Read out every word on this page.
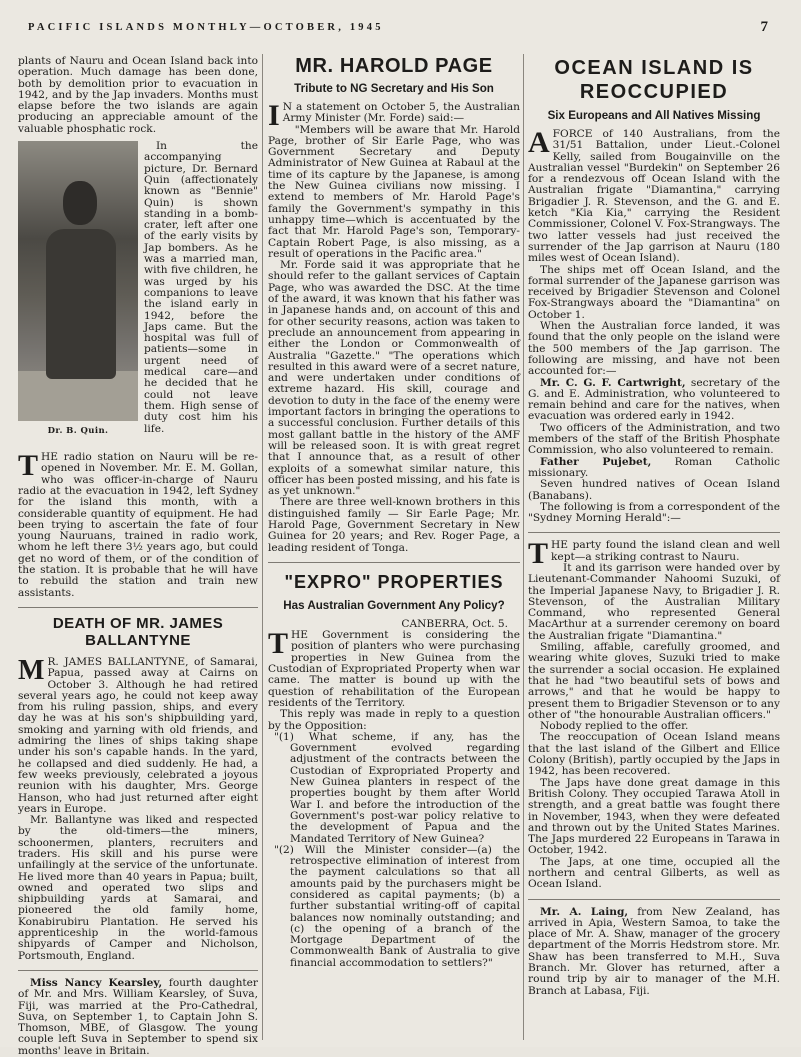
PACIFIC ISLANDS MONTHLY—OCTOBER, 1945	7

plants of Nauru and Ocean Island back into operation. Much damage has been done, both by demolition prior to evacuation in 1942, and by the Jap invaders. Months must elapse before the two islands are again producing an appreciable amount of the valuable phosphatic rock.

Dr. B. Quin.

In the accompanying picture, Dr. Bernard Quin (affectionately known as "Bennie" Quin) is shown standing in a bomb-crater, left after one of the early visits by Jap bombers. As he was a married man, with five children, he was urged by his companions to leave the island early in 1942, before the Japs came. But the hospital was full of patients—some in urgent need of medical care—and he decided that he could not leave them. High sense of duty cost him his life.

THE radio station on Nauru will be re-opened in November. Mr. E. M. Gollan, who was officer-in-charge of Nauru radio at the evacuation in 1942, left Sydney for the island this month, with a considerable quantity of equipment. He had been trying to ascertain the fate of four young Nauruans, trained in radio work, whom he left there 3½ years ago, but could get no word of them, or of the condition of the station. It is probable that he will have to rebuild the station and train new assistants.

DEATH OF MR. JAMES BALLANTYNE

M R. JAMES BALLANTYNE, of Samarai, Papua, passed away at Cairns on October 3. Although he had retired several years ago, he could not keep away from his ruling passion, ships, and every day he was at his son's shipbuilding yard, smoking and yarning with old friends, and admiring the lines of ships taking shape under his son's capable hands. In the yard, he collapsed and died suddenly. He had, a few weeks previously, celebrated a joyous reunion with his daughter, Mrs. George Hanson, who had just returned after eight years in Europe.

Mr. Ballantyne was liked and respected by the old-timers—the miners, schoonermen, planters, recruiters and traders. His skill and his purse were unfailingly at the service of the unfortunate. He lived more than 40 years in Papua; built, owned and operated two slips and shipbuilding yards at Samarai, and pioneered the old family home, Konabirubiru Plantation. He served his apprenticeship in the world-famous shipyards of Camper and Nicholson, Portsmouth, England.

Miss Nancy Kearsley, fourth daughter of Mr. and Mrs. William Kearsley, of Suva, Fiji, was married at the Pro-Cathedral, Suva, on September 1, to Captain John S. Thomson, MBE, of Glasgow. The young couple left Suva in September to spend six months' leave in Britain.

MR. HAROLD PAGE
Tribute to NG Secretary and His Son

I N a statement on October 5, the Australian Army Minister (Mr. Forde) said:—

"Members will be aware that Mr. Harold Page, brother of Sir Earle Page, who was Government Secretary and Deputy Administrator of New Guinea at Rabaul at the time of its capture by the Japanese, is among the New Guinea civilians now missing. I extend to members of Mr. Harold Page's family the Government's sympathy in this unhappy time—which is accentuated by the fact that Mr. Harold Page's son, Temporary-Captain Robert Page, is also missing, as a result of operations in the Pacific area."

Mr. Forde said it was appropriate that he should refer to the gallant services of Captain Page, who was awarded the DSC. At the time of the award, it was known that his father was in Japanese hands and, on account of this and for other security reasons, action was taken to preclude an announcement from appearing in either the London or Commonwealth of Australia "Gazette." "The operations which resulted in this award were of a secret nature, and were undertaken under conditions of extreme hazard. His skill, courage and devotion to duty in the face of the enemy were important factors in bringing the operations to a successful conclusion. Further details of this most gallant battle in the history of the AMF will be released soon. It is with great regret that I announce that, as a result of other exploits of a somewhat similar nature, this officer has been posted missing, and his fate is as yet unknown."

There are three well-known brothers in this distinguished family — Sir Earle Page; Mr. Harold Page, Government Secretary in New Guinea for 20 years; and Rev. Roger Page, a leading resident of Tonga.

"EXPRO" PROPERTIES
Has Australian Government Any Policy?

CANBERRA, Oct. 5.

THE Government is considering the position of planters who were purchasing properties in New Guinea from the Custodian of Expropriated Property when war came. The matter is bound up with the question of rehabilitation of the European residents of the Territory.

This reply was made in reply to a question by the Opposition:

"(1) What scheme, if any, has the Government evolved regarding adjustment of the contracts between the Custodian of Expropriated Property and New Guinea planters in respect of the properties bought by them after World War I. and before the introduction of the Government's post-war policy relative to the development of Papua and the Mandated Territory of New Guinea?

"(2) Will the Minister consider—(a) the retrospective elimination of interest from the payment calculations so that all amounts paid by the purchasers might be considered as capital payments; (b) a further substantial writing-off of capital balances now nominally outstanding; and (c) the opening of a branch of the Mortgage Department of the Commonwealth Bank of Australia to give financial accommodation to settlers?"

OCEAN ISLAND IS REOCCUPIED
Six Europeans and All Natives Missing

A FORCE of 140 Australians, from the 31/51 Battalion, under Lieut.-Colonel Kelly, sailed from Bougainville on the Australian vessel "Burdekin" on September 26 for a rendezvous off Ocean Island with the Australian frigate "Diamantina," carrying Brigadier J. R. Stevenson, and the G. and E. ketch "Kia Kia," carrying the Resident Commissioner, Colonel V. Fox-Strangways. The two latter vessels had just received the surrender of the Jap garrison at Nauru (180 miles west of Ocean Island).

The ships met off Ocean Island, and the formal surrender of the Japanese garrison was received by Brigadier Stevenson and Colonel Fox-Strangways aboard the "Diamantina" on October 1.

When the Australian force landed, it was found that the only people on the island were the 500 members of the Jap garrison. The following are missing, and have not been accounted for:—

Mr. C. G. F. Cartwright, secretary of the G. and E. Administration, who volunteered to remain behind and care for the natives, when evacuation was ordered early in 1942.

Two officers of the Administration, and two members of the staff of the British Phosphate Commission, who also volunteered to remain.

Father Pujebet, Roman Catholic missionary.

Seven hundred natives of Ocean Island (Banabans).

The following is from a correspondent of the "Sydney Morning Herald":—

THE party found the island clean and well kept—a striking contrast to Nauru.

It and its garrison were handed over by Lieutenant-Commander Nahoomi Suzuki, of the Imperial Japanese Navy, to Brigadier J. R. Stevenson, of the Australian Military Command, who represented General MacArthur at a surrender ceremony on board the Australian frigate "Diamantina."

Smiling, affable, carefully groomed, and wearing white gloves, Suzuki tried to make the surrender a social occasion. He explained that he had "two beautiful sets of bows and arrows," and that he would be happy to present them to Brigadier Stevenson or to any other of "the honourable Australian officers."

Nobody replied to the offer.

The reoccupation of Ocean Island means that the last island of the Gilbert and Ellice Colony (British), partly occupied by the Japs in 1942, has been recovered.

The Japs have done great damage in this British Colony. They occupied Tarawa Atoll in strength, and a great battle was fought there in November, 1943, when they were defeated and thrown out by the United States Marines. The Japs murdered 22 Europeans in Tarawa in October, 1942.

The Japs, at one time, occupied all the northern and central Gilberts, as well as Ocean Island.

Mr. A. Laing, from New Zealand, has arrived in Apia, Western Samoa, to take the place of Mr. A. Shaw, manager of the grocery department of the Morris Hedstrom store. Mr. Shaw has been transferred to M.H., Suva Branch. Mr. Glover has returned, after a round trip by air to manager of the M.H. Branch at Labasa, Fiji.
